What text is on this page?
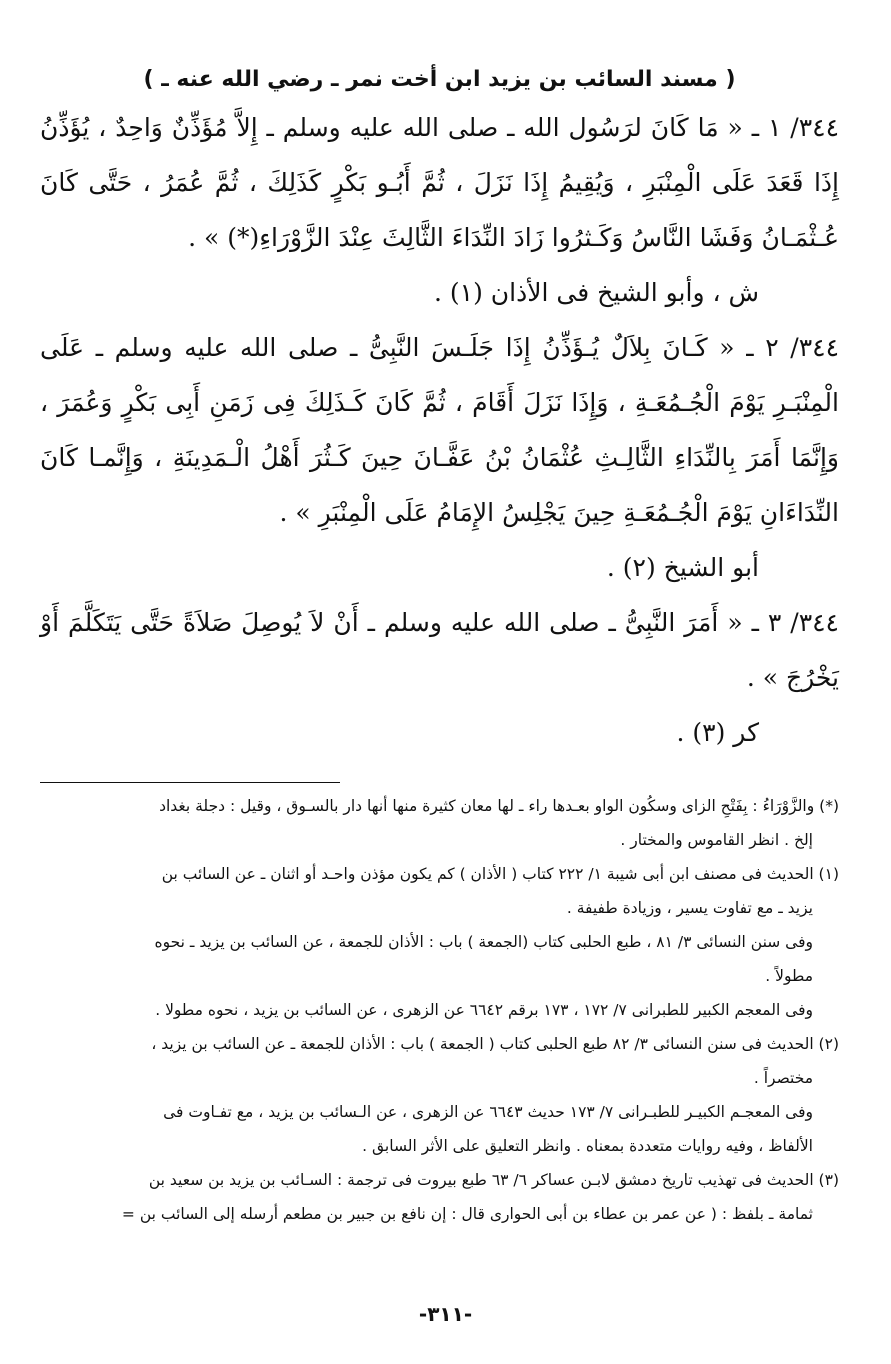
( مسند السائب بن يزيد ابن أخت نمر ـ رضي الله عنه ـ )

٣٤٤/ ١ ـ « مَا كَانَ لرَسُول الله ـ صلى الله عليه وسلم ـ إِلاَّ مُؤَذِّنٌ وَاحِدٌ ، يُؤَذِّنُ إِذَا قَعَدَ عَلَى الْمِنْبَرِ ، وَيُقِيمُ إِذَا نَزَلَ ، ثُمَّ أَبُـو بَكْرٍ كَذَلِكَ ، ثُمَّ عُمَرُ ، حَتَّى كَانَ عُـثْمَـانُ وَفَشَا النَّاسُ وَكَـثرُوا زَادَ النِّدَاءَ الثَّالِثَ عِنْدَ الزَّوْرَاءِ(*) » .

ش ، وأبو الشيخ فى الأذان (١) .

٣٤٤/ ٢ ـ « كَـانَ بِلاَلٌ يُـؤَذِّنُ إِذَا جَلَـسَ النَّبِىُّ ـ صلى الله عليه وسلم ـ عَلَى الْمِنْبَـرِ يَوْمَ الْجُـمُعَـةِ ، وَإِذَا نَزَلَ أَقَامَ ، ثُمَّ كَانَ كَـذَلِكَ فِى زَمَنِ أَبِى بَكْرٍ وَعُمَرَ ، وَإِنَّمَا أَمَرَ بِالنِّدَاءِ الثَّالِـثِ عُثْمَانُ بْنُ عَفَّـانَ حِينَ كَـثُرَ أَهْلُ الْـمَدِينَةِ ، وَإِنَّمـا كَانَ النِّدَاءَانِ يَوْمَ الْجُـمُعَـةِ حِينَ يَجْلِسُ الإِمَامُ عَلَى الْمِنْبَرِ » .

أبو الشيخ (٢) .

٣٤٤/ ٣ ـ « أَمَرَ النَّبِىُّ ـ صلى الله عليه وسلم ـ أَنْ لاَ يُوصِلَ صَلاَةً حَتَّى يَتَكَلَّمَ أَوْ يَخْرُجَ » .

كر (٣) .

(*) والزَّوْرَاءُ : بِفَتْحِ الزاى وسكُون الواو بعـدها راء ـ لها معان كثيرة منها أنها دار بالسـوق ، وقيل : دجلة بغداد

إلخ . انظر القاموس والمختار .

(١) الحديث فى مصنف ابن أبى شيبة ١/ ٢٢٢ كتاب ( الأذان ) كم يكون مؤذن واحـد أو اثنان ـ عن السائب بن

يزيد ـ مع تفاوت يسير ، وزيادة طفيفة .

وفى سنن النسائى ٣/ ٨١ ، طبع الحلبى كتاب (الجمعة ) باب : الأذان للجمعة ، عن السائب بن يزيد ـ نحوه

مطولاً .

وفى المعجم الكبير للطبرانى ٧/ ١٧٢ ، ١٧٣ برقم ٦٦٤٢ عن الزهرى ، عن السائب بن يزيد ، نحوه مطولا .

(٢) الحديث فى سنن النسائى ٣/ ٨٢ طبع الحلبى كتاب ( الجمعة ) باب : الأذان للجمعة ـ عن السائب بن يزيد ،

مختصراً .

وفى المعجـم الكبيـر للطبـرانى ٧/ ١٧٣ حديث ٦٦٤٣ عن الزهرى ، عن الـسائب بن يزيد ، مع تفـاوت فى

الألفاظ ، وفيه روايات متعددة بمعناه . وانظر التعليق على الأثر السابق .

(٣) الحديث فى تهذيب تاريخ دمشق لابـن عساكر ٦/ ٦٣ طبع بيروت فى ترجمة : السـائب بن يزيد بن سعيد بن

ثمامة ـ بلفظ : ( عن عمر بن عطاء بن أبى الحوارى قال : إن نافع بن جبير بن مطعم أرسله إلى السائب بن =

-٣١١-
